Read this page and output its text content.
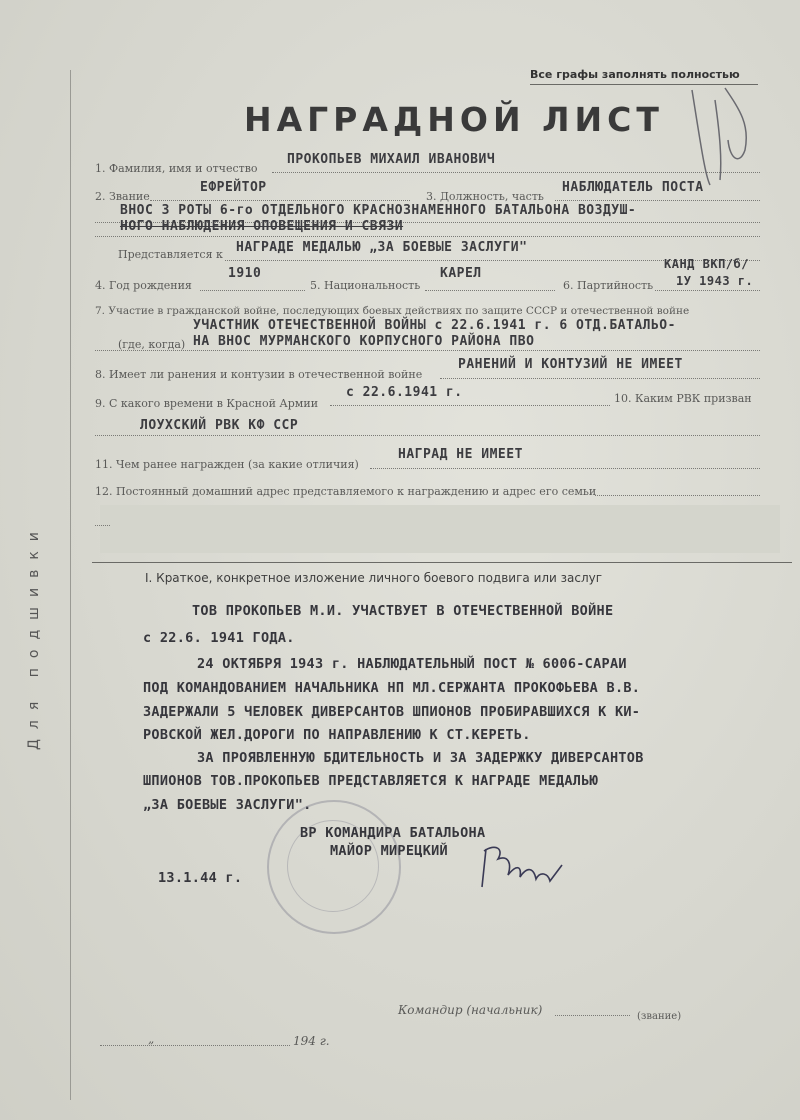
Для подшивки
Все графы заполнять полностью
НАГРАДНОЙ ЛИСТ
1. Фамилия, имя и отчество
ПРОКОПЬЕВ МИХАИЛ ИВАНОВИЧ
2. Звание
ЕФРЕЙТОР
3. Должность, часть
НАБЛЮДАТЕЛЬ ПОСТА
ВНОС 3 РОТЫ 6-го ОТДЕЛЬНОГО КРАСНОЗНАМЕННОГО БАТАЛЬОНА ВОЗДУШ-
НОГО НАБЛЮДЕНИЯ ОПОВЕЩЕНИЯ И СВЯЗИ
Представляется к НАГРАДЕ МЕДАЛЬЮ „ЗА БОЕВЫЕ ЗАСЛУГИ"
4. Год рождения
1910
5. Национальность
КАРЕЛ
6. Партийность
КАНД ВКП/б/
1У 1943 г.
7. Участие в гражданской войне, последующих боевых действиях по защите СССР и отечественной войне
УЧАСТНИК ОТЕЧЕСТВЕННОЙ ВОЙНЫ с 22.6.1941 г. 6 ОТД.БАТАЛЬО-
(где, когда) НА ВНОС МУРМАНСКОГО КОРПУСНОГО РАЙОНА ПВО
8. Имеет ли ранения и контузии в отечественной войне
РАНЕНИЙ И КОНТУЗИЙ НЕ ИМЕЕТ
9. С какого времени в Красной Армии
с 22.6.1941 г.	10. Каким РВК призван
ЛОУХСКИЙ РВК КФ ССР
11. Чем ранее награжден (за какие отличия)
НАГРАД НЕ ИМЕЕТ
12. Постоянный домашний адрес представляемого к награждению и адрес его семьи
I. Краткое, конкретное изложение личного боевого подвига или заслуг
ТОВ ПРОКОПЬЕВ М.И. УЧАСТВУЕТ В ОТЕЧЕСТВЕННОЙ ВОЙНЕ
с 22.6. 1941 ГОДА.
24 ОКТЯБРЯ 1943 г. НАБЛЮДАТЕЛЬНЫЙ ПОСТ № 6006-САРАИ
ПОД КОМАНДОВАНИЕМ НАЧАЛЬНИКА НП МЛ.СЕРЖАНТА ПРОКОФЬЕВА В.В.
ЗАДЕРЖАЛИ 5 ЧЕЛОВЕК ДИВЕРСАНТОВ ШПИОНОВ ПРОБИРАВШИХСЯ К КИ-
РОВСКОЙ ЖЕЛ.ДОРОГИ ПО НАПРАВЛЕНИЮ К СТ.КЕРЕТЬ.
ЗА ПРОЯВЛЕННУЮ БДИТЕЛЬНОСТЬ И ЗА ЗАДЕРЖКУ ДИВЕРСАНТОВ
ШПИОНОВ ТОВ.ПРОКОПЬЕВ ПРЕДСТАВЛЯЕТСЯ К НАГРАДЕ МЕДАЛЬЮ
„ЗА БОЕВЫЕ ЗАСЛУГИ".
ВР КОМАНДИРА БАТАЛЬОНА
МАЙОР МИРЕЦКИЙ
13.1.44 г.
Командир (начальник)	(звание)
„	194 г.
